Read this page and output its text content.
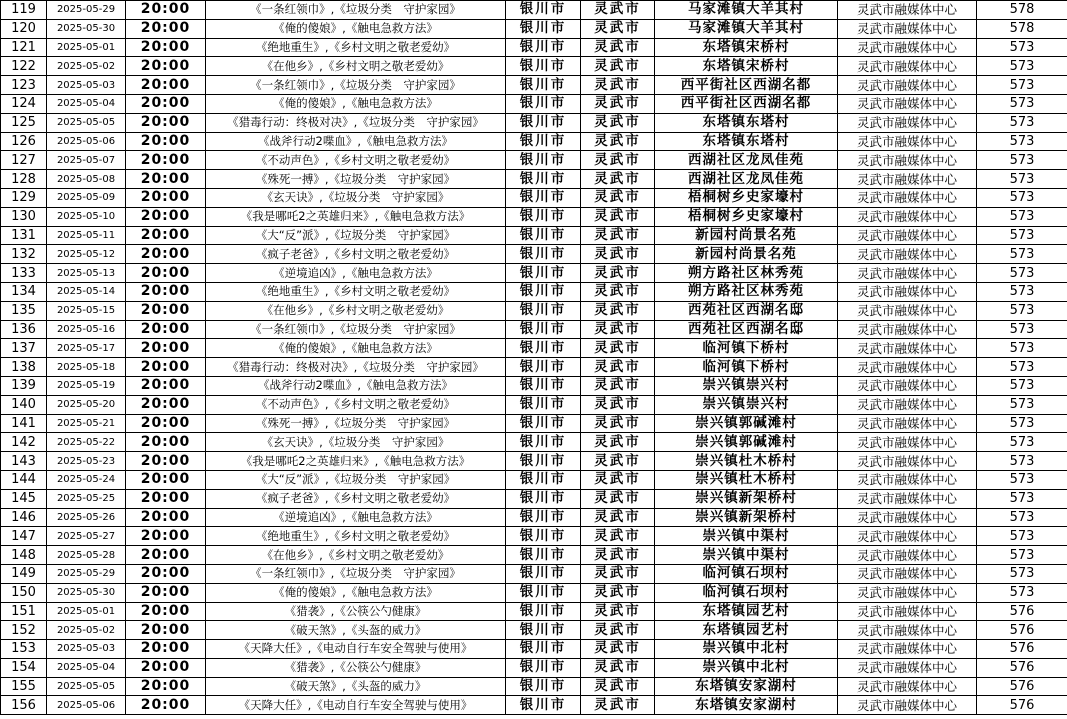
119	2025-05-29	20:00	《一条红领巾》,《垃圾分类　守护家园》	银川市	灵武市	马家滩镇大羊其村	灵武市融媒体中心	578
120	2025-05-30	20:00	《俺的傻娘》,《触电急救方法》	银川市	灵武市	马家滩镇大羊其村	灵武市融媒体中心	578
121	2025-05-01	20:00	《绝地重生》,《乡村文明之敬老爱幼》	银川市	灵武市	东塔镇宋桥村	灵武市融媒体中心	573
122	2025-05-02	20:00	《在他乡》,《乡村文明之敬老爱幼》	银川市	灵武市	东塔镇宋桥村	灵武市融媒体中心	573
123	2025-05-03	20:00	《一条红领巾》,《垃圾分类　守护家园》	银川市	灵武市	西平街社区西湖名都	灵武市融媒体中心	573
124	2025-05-04	20:00	《俺的傻娘》,《触电急救方法》	银川市	灵武市	西平街社区西湖名都	灵武市融媒体中心	573
125	2025-05-05	20:00	《猎毒行动：终极对决》,《垃圾分类　守护家园》	银川市	灵武市	东塔镇东塔村	灵武市融媒体中心	573
126	2025-05-06	20:00	《战斧行动2喋血》,《触电急救方法》	银川市	灵武市	东塔镇东塔村	灵武市融媒体中心	573
127	2025-05-07	20:00	《不动声色》,《乡村文明之敬老爱幼》	银川市	灵武市	西湖社区龙凤佳苑	灵武市融媒体中心	573
128	2025-05-08	20:00	《殊死一搏》,《垃圾分类　守护家园》	银川市	灵武市	西湖社区龙凤佳苑	灵武市融媒体中心	573
129	2025-05-09	20:00	《玄天诀》,《垃圾分类　守护家园》	银川市	灵武市	梧桐树乡史家壕村	灵武市融媒体中心	573
130	2025-05-10	20:00	《我是哪吒2之英雄归来》,《触电急救方法》	银川市	灵武市	梧桐树乡史家壕村	灵武市融媒体中心	573
131	2025-05-11	20:00	《大“反”派》,《垃圾分类　守护家园》	银川市	灵武市	新园村尚景名苑	灵武市融媒体中心	573
132	2025-05-12	20:00	《疯子老爸》,《乡村文明之敬老爱幼》	银川市	灵武市	新园村尚景名苑	灵武市融媒体中心	573
133	2025-05-13	20:00	《逆境追凶》,《触电急救方法》	银川市	灵武市	朔方路社区林秀苑	灵武市融媒体中心	573
134	2025-05-14	20:00	《绝地重生》,《乡村文明之敬老爱幼》	银川市	灵武市	朔方路社区林秀苑	灵武市融媒体中心	573
135	2025-05-15	20:00	《在他乡》,《乡村文明之敬老爱幼》	银川市	灵武市	西苑社区西湖名邸	灵武市融媒体中心	573
136	2025-05-16	20:00	《一条红领巾》,《垃圾分类　守护家园》	银川市	灵武市	西苑社区西湖名邸	灵武市融媒体中心	573
137	2025-05-17	20:00	《俺的傻娘》,《触电急救方法》	银川市	灵武市	临河镇下桥村	灵武市融媒体中心	573
138	2025-05-18	20:00	《猎毒行动：终极对决》,《垃圾分类　守护家园》	银川市	灵武市	临河镇下桥村	灵武市融媒体中心	573
139	2025-05-19	20:00	《战斧行动2喋血》,《触电急救方法》	银川市	灵武市	崇兴镇崇兴村	灵武市融媒体中心	573
140	2025-05-20	20:00	《不动声色》,《乡村文明之敬老爱幼》	银川市	灵武市	崇兴镇崇兴村	灵武市融媒体中心	573
141	2025-05-21	20:00	《殊死一搏》,《垃圾分类　守护家园》	银川市	灵武市	崇兴镇郭碱滩村	灵武市融媒体中心	573
142	2025-05-22	20:00	《玄天诀》,《垃圾分类　守护家园》	银川市	灵武市	崇兴镇郭碱滩村	灵武市融媒体中心	573
143	2025-05-23	20:00	《我是哪吒2之英雄归来》,《触电急救方法》	银川市	灵武市	崇兴镇杜木桥村	灵武市融媒体中心	573
144	2025-05-24	20:00	《大“反”派》,《垃圾分类　守护家园》	银川市	灵武市	崇兴镇杜木桥村	灵武市融媒体中心	573
145	2025-05-25	20:00	《疯子老爸》,《乡村文明之敬老爱幼》	银川市	灵武市	崇兴镇新架桥村	灵武市融媒体中心	573
146	2025-05-26	20:00	《逆境追凶》,《触电急救方法》	银川市	灵武市	崇兴镇新架桥村	灵武市融媒体中心	573
147	2025-05-27	20:00	《绝地重生》,《乡村文明之敬老爱幼》	银川市	灵武市	崇兴镇中渠村	灵武市融媒体中心	573
148	2025-05-28	20:00	《在他乡》,《乡村文明之敬老爱幼》	银川市	灵武市	崇兴镇中渠村	灵武市融媒体中心	573
149	2025-05-29	20:00	《一条红领巾》,《垃圾分类　守护家园》	银川市	灵武市	临河镇石坝村	灵武市融媒体中心	573
150	2025-05-30	20:00	《俺的傻娘》,《触电急救方法》	银川市	灵武市	临河镇石坝村	灵武市融媒体中心	573
151	2025-05-01	20:00	《猎袭》,《公筷公勺健康》	银川市	灵武市	东塔镇园艺村	灵武市融媒体中心	576
152	2025-05-02	20:00	《破天煞》,《头盔的威力》	银川市	灵武市	东塔镇园艺村	灵武市融媒体中心	576
153	2025-05-03	20:00	《天降大任》,《电动自行车安全驾驶与使用》	银川市	灵武市	崇兴镇中北村	灵武市融媒体中心	576
154	2025-05-04	20:00	《猎袭》,《公筷公勺健康》	银川市	灵武市	崇兴镇中北村	灵武市融媒体中心	576
155	2025-05-05	20:00	《破天煞》,《头盔的威力》	银川市	灵武市	东塔镇安家湖村	灵武市融媒体中心	576
156	2025-05-06	20:00	《天降大任》,《电动自行车安全驾驶与使用》	银川市	灵武市	东塔镇安家湖村	灵武市融媒体中心	576
